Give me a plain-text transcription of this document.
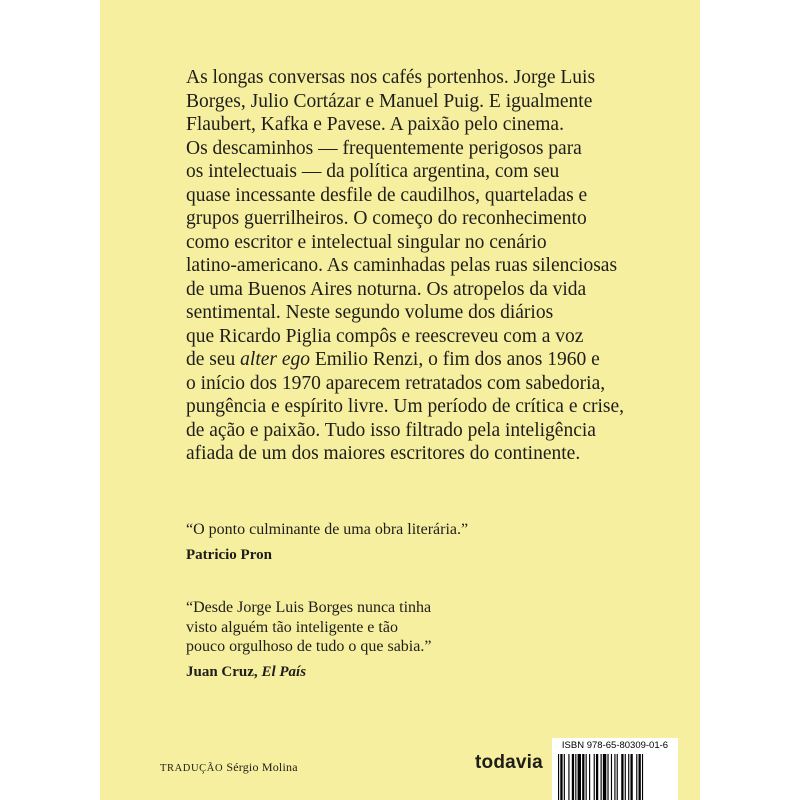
As longas conversas nos cafés portenhos. Jorge Luis
Borges, Julio Cortázar e Manuel Puig. E igualmente
Flaubert, Kafka e Pavese. A paixão pelo cinema.
Os descaminhos — frequentemente perigosos para
os intelectuais — da política argentina, com seu
quase incessante desfile de caudilhos, quarteladas e
grupos guerrilheiros. O começo do reconhecimento
como escritor e intelectual singular no cenário
latino-americano. As caminhadas pelas ruas silenciosas
de uma Buenos Aires noturna. Os atropelos da vida
sentimental. Neste segundo volume dos diários
que Ricardo Piglia compôs e reescreveu com a voz
de seu alter ego Emilio Renzi, o fim dos anos 1960 e
o início dos 1970 aparecem retratados com sabedoria,
pungência e espírito livre. Um período de crítica e crise,
de ação e paixão. Tudo isso filtrado pela inteligência
afiada de um dos maiores escritores do continente.

“O ponto culminante de uma obra literária.”
Patricio Pron
“Desde Jorge Luis Borges nunca tinha
visto alguém tão inteligente e tão
pouco orgulhoso de tudo o que sabia.”
Juan Cruz, El País
TRADUÇÃO Sérgio Molina	todavia
ISBN 978-65-80309-01-6
